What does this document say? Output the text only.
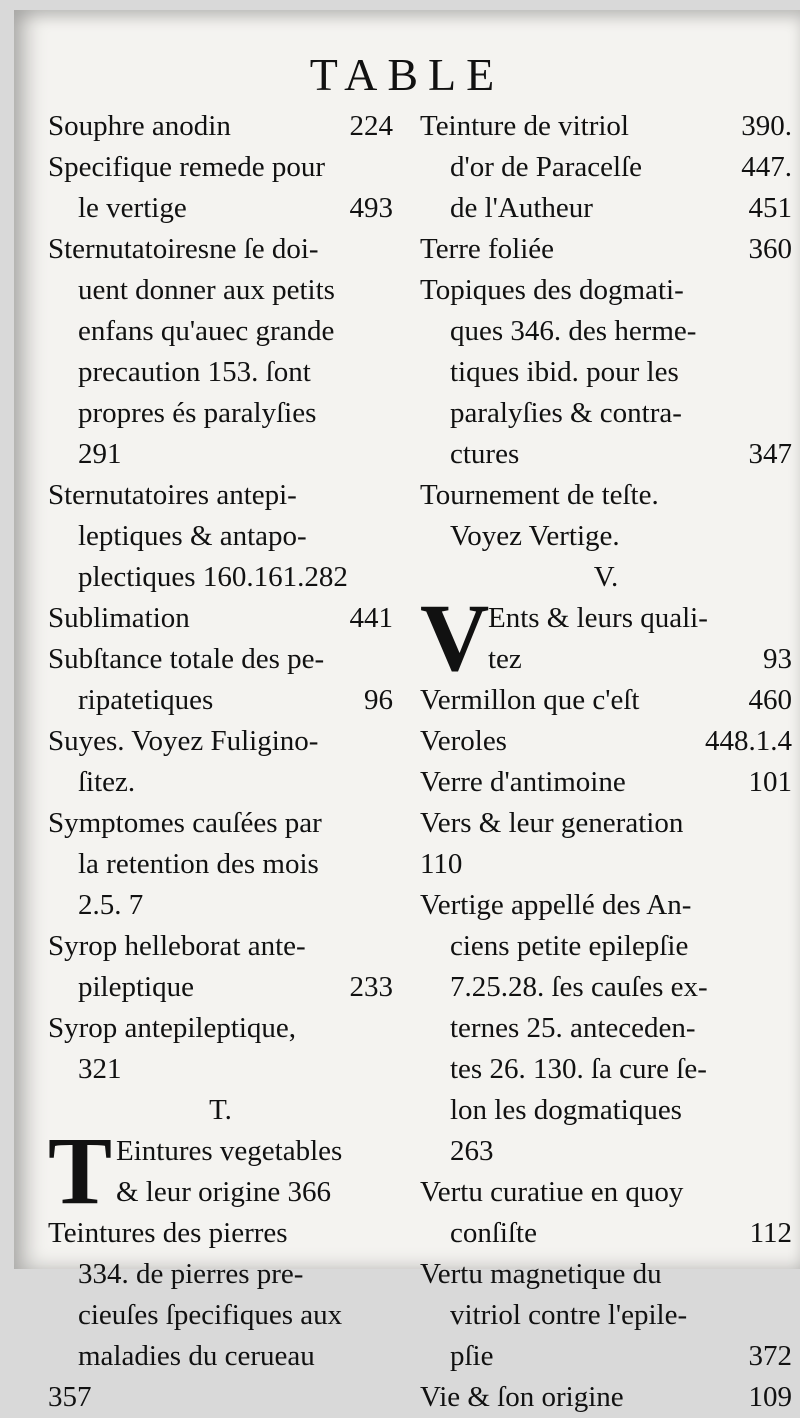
TABLE
Souphre anodin	224
Specifique remede pour
le vertige	493
Sternutatoiresne ſe doi-
uent donner aux petits
enfans qu'auec grande
precaution 153. ſont
propres és paralyſies
291
Sternutatoires antepi-
leptiques & antapo-
plectiques 160.161.282
Sublimation	441
Subſtance totale des pe-
ripatetiques	96
Suyes. Voyez Fuligino-
ſitez.
Symptomes cauſées par
la retention des mois
2.5. 7
Syrop helleborat ante-
pileptique	233
Syrop antepileptique,
321
T.
T Eintures vegetables
& leur origine 366
Teintures des pierres
334. de pierres pre-
cieuſes ſpecifiques aux
maladies du cerueau
357
Teinture de vitriol	390.
d'or de Paracelſe	447.
de l'Autheur	451
Terre foliée	360
Topiques des dogmati-
ques 346. des herme-
tiques ibid. pour les
paralyſies & contra-
ctures	347
Tournement de teſte.
Voyez Vertige.
V.
V
Ents & leurs quali-
tez	93
Vermillon que c'eſt	460
Veroles	448.1.4
Verre d'antimoine	101
Vers & leur generation
110
Vertige appellé des An-
ciens petite epilepſie
7.25.28. ſes cauſes ex-
ternes 25. anteceden-
tes 26. 130. ſa cure ſe-
lon les dogmatiques
263
Vertu curatiue en quoy
conſiſte	112
Vertu magnetique du
vitriol contre l'epile-
pſie	372
Vie & ſon origine	109
